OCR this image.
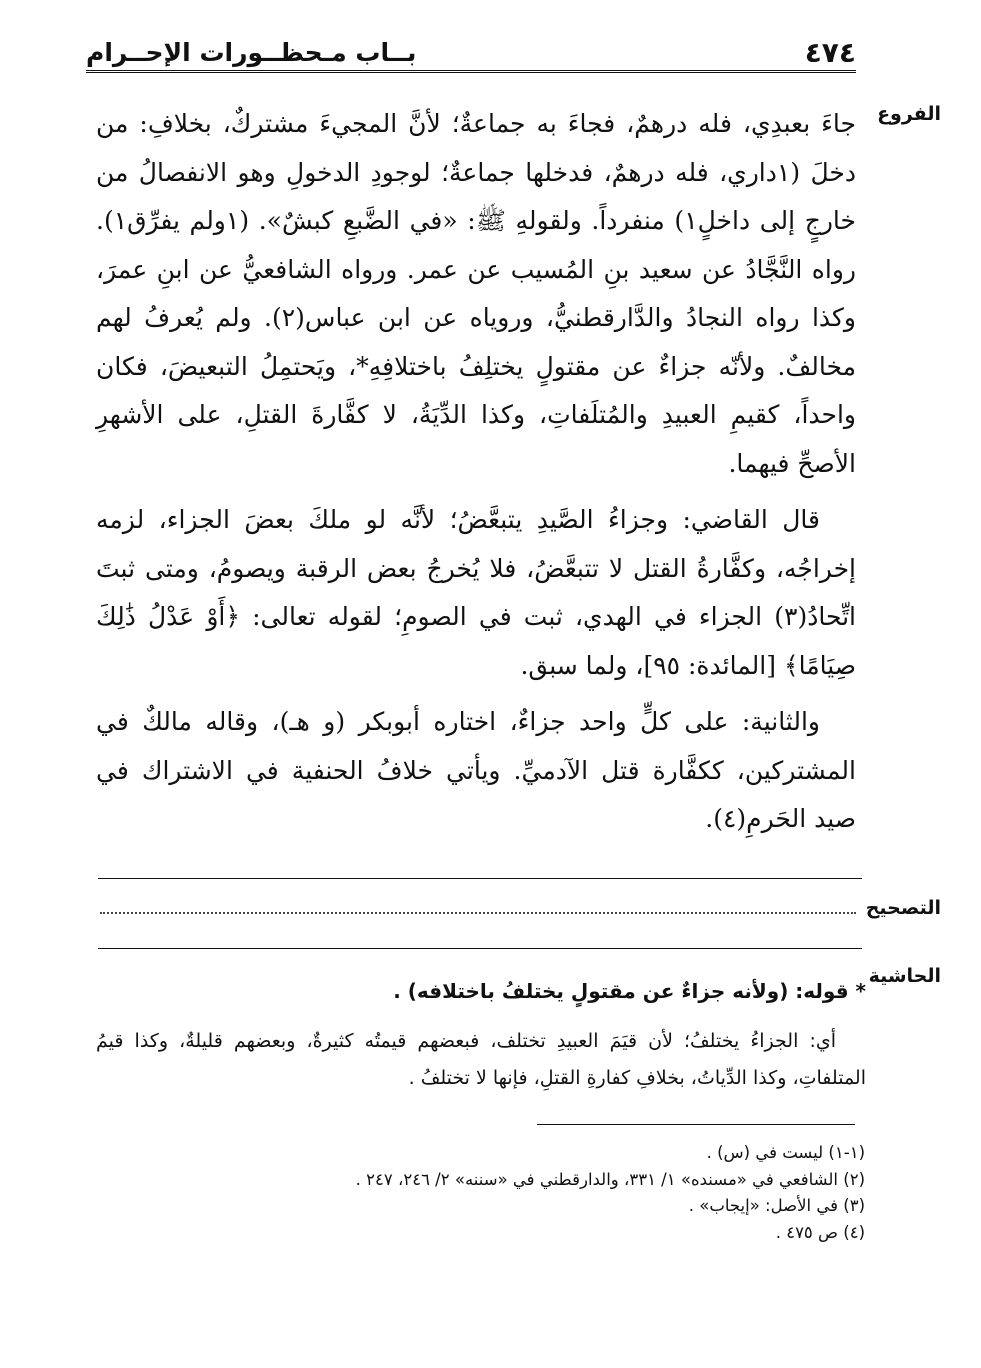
٤٧٤
بــاب مـحظــورات الإحــرام
الفروع
التصحيح
الحاشية

جاءَ بعبدِي، فله درهمٌ، فجاءَ به جماعةٌ؛ لأنَّ المجيءَ مشتركٌ، بخلافِ: من دخلَ (١داري، فله درهمٌ، فدخلها جماعةٌ؛ لوجودِ الدخولِ وهو الانفصالُ من خارجٍ إلى داخلٍ١) منفرداً. ولقولهِ ﷺ: «في الضَّبعِ كبشٌ». (١ولم يفرِّق١). رواه النَّجَّادُ عن سعيد بنِ المُسيب عن عمر. ورواه الشافعيُّ عن ابنِ عمرَ، وكذا رواه النجادُ والدَّارقطنيُّ، وروياه عن ابن عباس(٢). ولم يُعرفُ لهم مخالفٌ. ولأنّه جزاءٌ عن مقتولٍ يختلِفُ باختلافِهِ*، ويَحتمِلُ التبعيضَ، فكان واحداً، كقيمِ العبيدِ والمُتلَفاتِ، وكذا الدِّيَةُ، لا كفَّارةَ القتلِ، على الأشهرِ الأصحِّ فيهما.

قال القاضي: وجزاءُ الصَّيدِ يتبعَّضُ؛ لأنَّه لو ملكَ بعضَ الجزاء، لزمه إخراجُه، وكفَّارةُ القتل لا تتبعَّضُ، فلا يُخرجُ بعض الرقبة ويصومُ، ومتى ثبتَ اتِّحادُ(٣) الجزاء في الهدي، ثبت في الصومِ؛ لقوله تعالى: ﴿أَوْ عَدْلُ ذَٰلِكَ صِيَامًا﴾ [المائدة: ٩٥]، ولما سبق.

والثانية: على كلٍّ واحد جزاءٌ، اختاره أبوبكر (و هـ)، وقاله مالكٌ في المشتركين، ككفَّارة قتل الآدميِّ. ويأتي خلافُ الحنفية في الاشتراك في صيد الحَرمِ(٤).

* قوله: (ولأنه جزاءٌ عن مقتولٍ يختلفُ باختلافه) .

أي: الجزاءُ يختلفُ؛ لأن قيَمَ العبيدِ تختلف، فبعضهم قيمتُه كثيرةٌ، وبعضهم قليلةٌ، وكذا قيمُ المتلفاتِ، وكذا الدِّياتُ، بخلافِ كفارةِ القتلِ، فإنها لا تختلفُ .

(١-١) ليست في (س) .

(٢) الشافعي في «مسنده» ١/ ٣٣١، والدارقطني في «سننه» ٢/ ٢٤٦، ٢٤٧ .

(٣) في الأصل: «إيجاب» .

(٤) ص ٤٧٥ .
